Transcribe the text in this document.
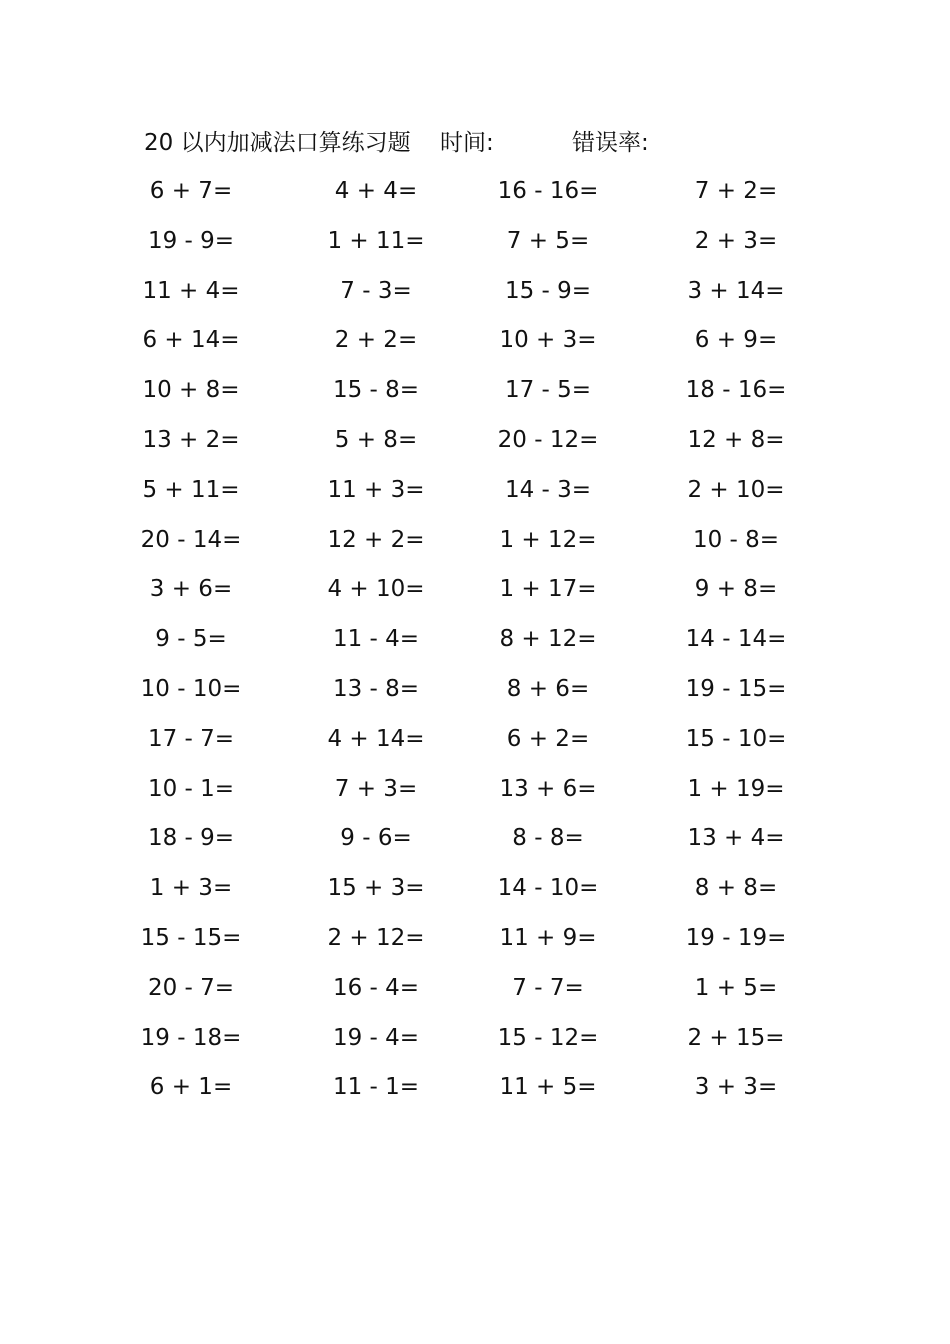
20 以内加减法口算练习题 时间:	错误率:
6 + 7=	4 + 4=	16 - 16=	7 + 2=
19 - 9=	1 + 11=	7 + 5=	2 + 3=
11 + 4=	7 - 3=	15 - 9=	3 + 14=
6 + 14=	2 + 2=	10 + 3=	6 + 9=
10 + 8=	15 - 8=	17 - 5=	18 - 16=
13 + 2=	5 + 8=	20 - 12=	12 + 8=
5 + 11=	11 + 3=	14 - 3=	2 + 10=
20 - 14=	12 + 2=	1 + 12=	10 - 8=
3 + 6=	4 + 10=	1 + 17=	9 + 8=
9 - 5=	11 - 4=	8 + 12=	14 - 14=
10 - 10=	13 - 8=	8 + 6=	19 - 15=
17 - 7=	4 + 14=	6 + 2=	15 - 10=
10 - 1=	7 + 3=	13 + 6=	1 + 19=
18 - 9=	9 - 6=	8 - 8=	13 + 4=
1 + 3=	15 + 3=	14 - 10=	8 + 8=
15 - 15=	2 + 12=	11 + 9=	19 - 19=
20 - 7=	16 - 4=	7 - 7=	1 + 5=
19 - 18=	19 - 4=	15 - 12=	2 + 15=
6 + 1=	11 - 1=	11 + 5=	3 + 3=
